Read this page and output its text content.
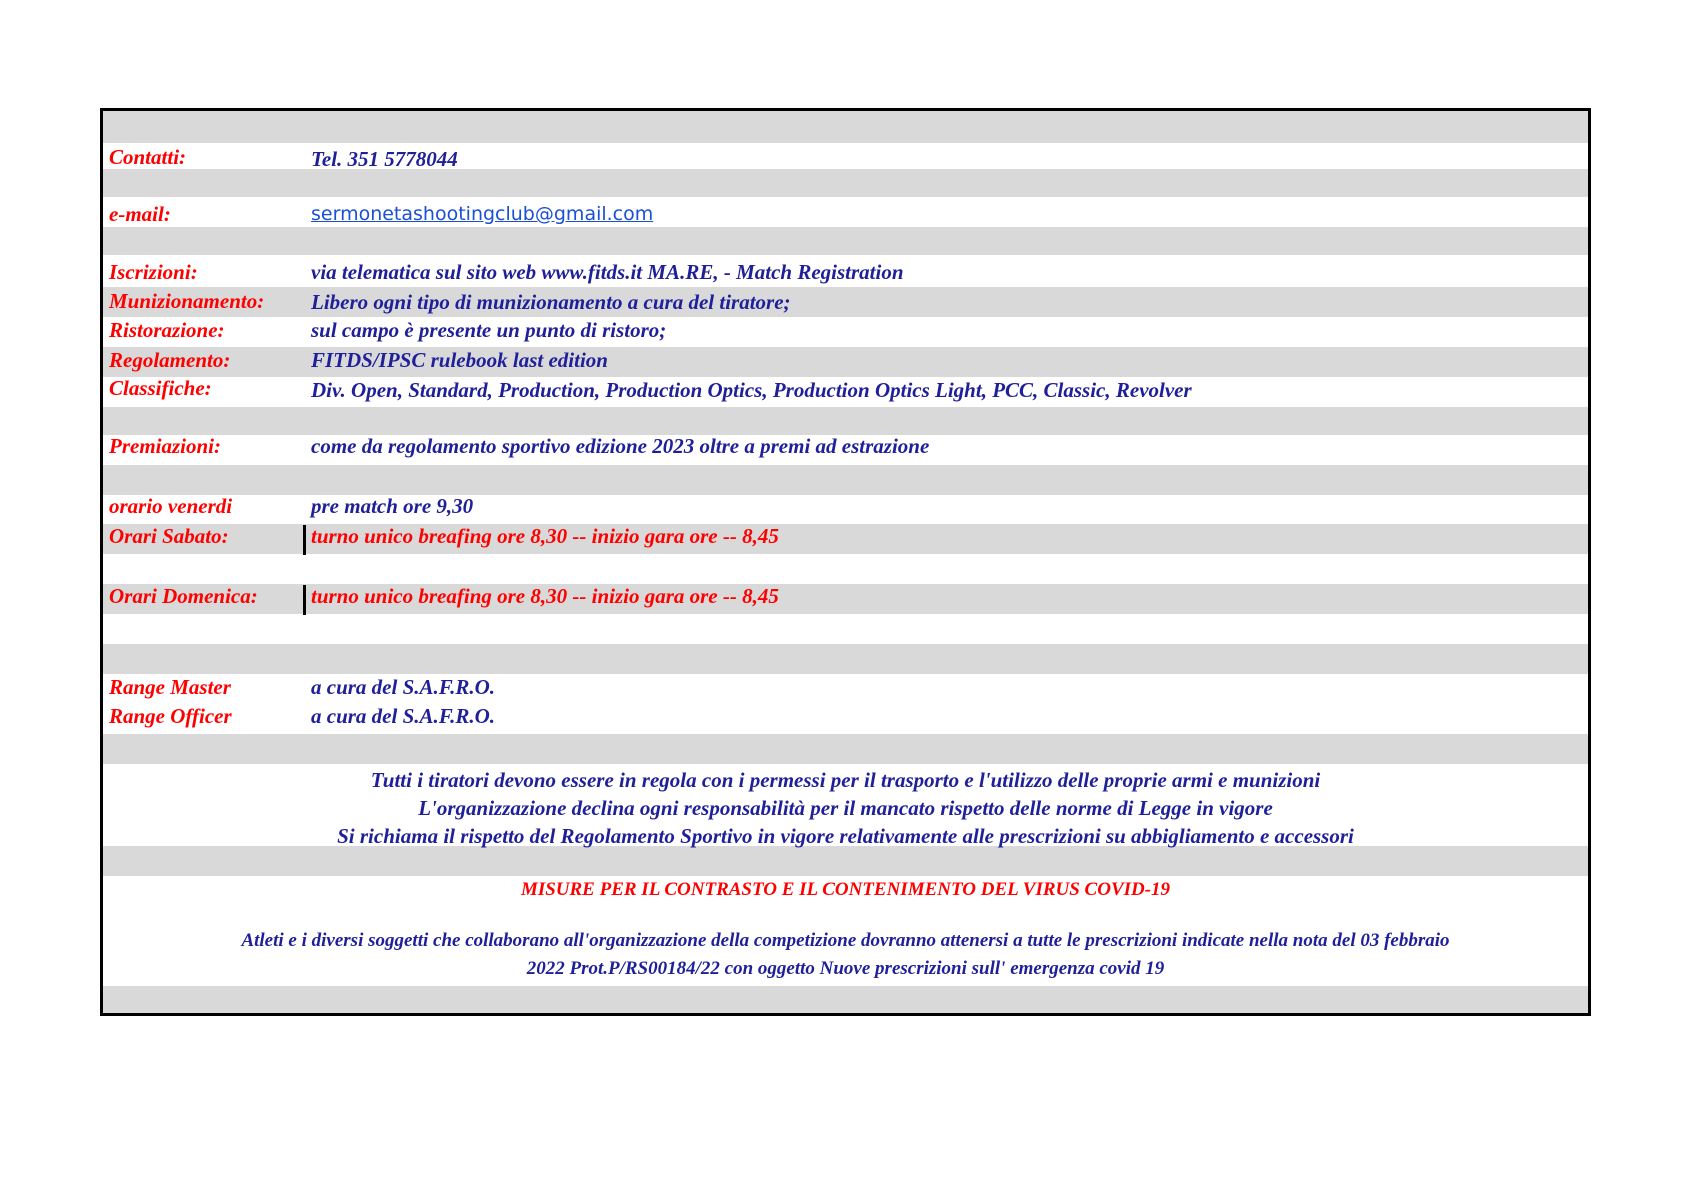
Contatti:	Tel. 351 5778044
e-mail:	sermonetashootingclub@gmail.com
Iscrizioni:	via telematica sul sito web www.fitds.it MA.RE, - Match Registration
Munizionamento: Libero ogni tipo di munizionamento a cura del tiratore;
Ristorazione:	sul campo è presente un punto di ristoro;
Regolamento:	FITDS/IPSC rulebook last edition
Classifiche:	Div. Open, Standard, Production, Production Optics, Production Optics Light, PCC, Classic, Revolver
Premiazioni:	come da regolamento sportivo edizione 2023 oltre a premi ad estrazione
orario venerdi	pre match ore 9,30
Orari Sabato:	turno unico breafing ore 8,30 -- inizio gara ore -- 8,45
Orari Domenica:	turno unico breafing ore 8,30 -- inizio gara ore -- 8,45
Range Master	a cura del S.A.F.R.O.
Range Officer	a cura del S.A.F.R.O.
Tutti i tiratori devono essere in regola con i permessi per il trasporto e l'utilizzo delle proprie armi e munizioni
L'organizzazione declina ogni responsabilità per il mancato rispetto delle norme di Legge in vigore
Si richiama il rispetto del Regolamento Sportivo in vigore relativamente alle prescrizioni su abbigliamento e accessori
MISURE PER IL CONTRASTO E IL CONTENIMENTO DEL VIRUS COVID-19
Atleti e i diversi soggetti che collaborano all'organizzazione della competizione dovranno attenersi a tutte le prescrizioni indicate nella nota del 03 febbraio
2022 Prot.P/RS00184/22 con oggetto Nuove prescrizioni sull' emergenza covid 19
